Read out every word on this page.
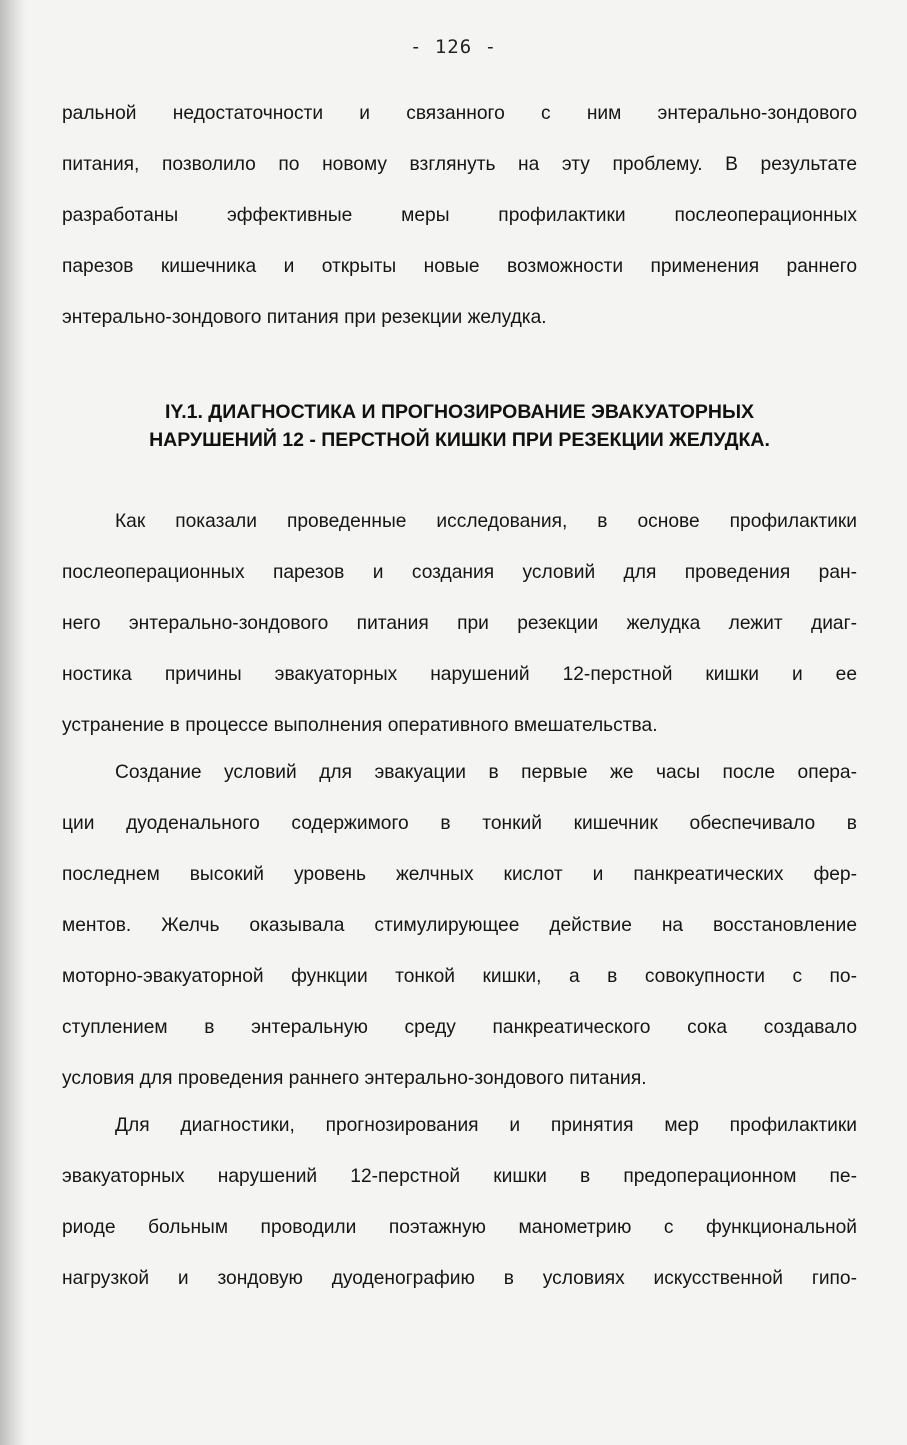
- 126 -
ральной недостаточности и связанного с ним энтерально-зондового
питания, позволило по новому взглянуть на эту проблему. В результате
разработаны эффективные меры профилактики послеоперационных
парезов кишечника и открыты новые возможности применения раннего
энтерально-зондового питания при резекции желудка.
IY.1. ДИАГНОСТИКА И ПРОГНОЗИРОВАНИЕ ЭВАКУАТОРНЫХ
НАРУШЕНИЙ 12 - ПЕРСТНОЙ КИШКИ ПРИ РЕЗЕКЦИИ ЖЕЛУДКА.
Как показали проведенные исследования, в основе профилактики
послеоперационных парезов и создания условий для проведения ран-
него энтерально-зондового питания при резекции желудка лежит диаг-
ностика причины эвакуаторных нарушений 12-перстной кишки и ее
устранение в процессе выполнения оперативного вмешательства.
Создание условий для эвакуации в первые же часы после опера-
ции дуоденального содержимого в тонкий кишечник обеспечивало в
последнем высокий уровень желчных кислот и панкреатических фер-
ментов. Желчь оказывала стимулирующее действие на восстановление
моторно-эвакуаторной функции тонкой кишки, а в совокупности с по-
ступлением в энтеральную среду панкреатического сока создавало
условия для проведения раннего энтерально-зондового питания.
Для диагностики, прогнозирования и принятия мер профилактики
эвакуаторных нарушений 12-перстной кишки в предоперационном пе-
риоде больным проводили поэтажную манометрию с функциональной
нагрузкой и зондовую дуоденографию в условиях искусственной гипо-
